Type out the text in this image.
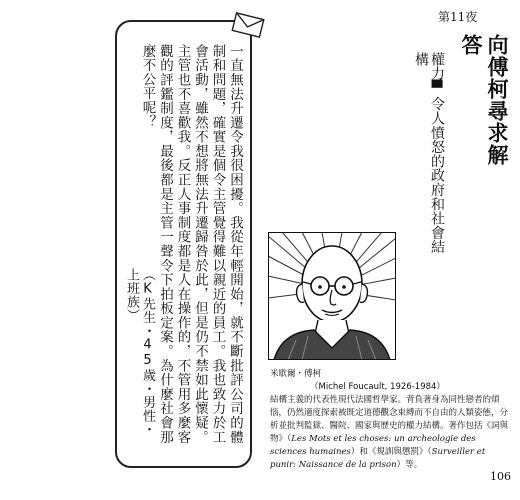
第11夜
向傅柯尋求解答
權力▀令人憤怒的政府和社會結構
一直無法升遷令我很困擾。我從年輕開始，就不斷批評公司的體制和問題，確實是個令主管覺得難以親近的員工。我也致力於工會活動，雖然不想將無法升遷歸咎於此，但是仍不禁如此懷疑。主管也不喜歡我。反正人事制度都是人在操作的，不管用多麼客觀的評鑑制度，最後都是主管一聲令下拍板定案。為什麼社會那麼不公平呢？
（K先生・45歲・男性・上班族）

米歇爾・傅柯

（Michel Foucault, 1926-1984）

結構主義的代表性現代法國哲學家。背負著身為同性戀者的煩惱，仍然適度探索被既定道德觀念束縛而不自由的人類姿態，分析並批判監獄、醫院、國家與歷史的權力結構。著作包括《詞與物》（Les Mots et les choses: un archeologie des sciences humaines）和《規訓與懲罰》（Surveiller et punir: Naissance de la prison）等。

106
